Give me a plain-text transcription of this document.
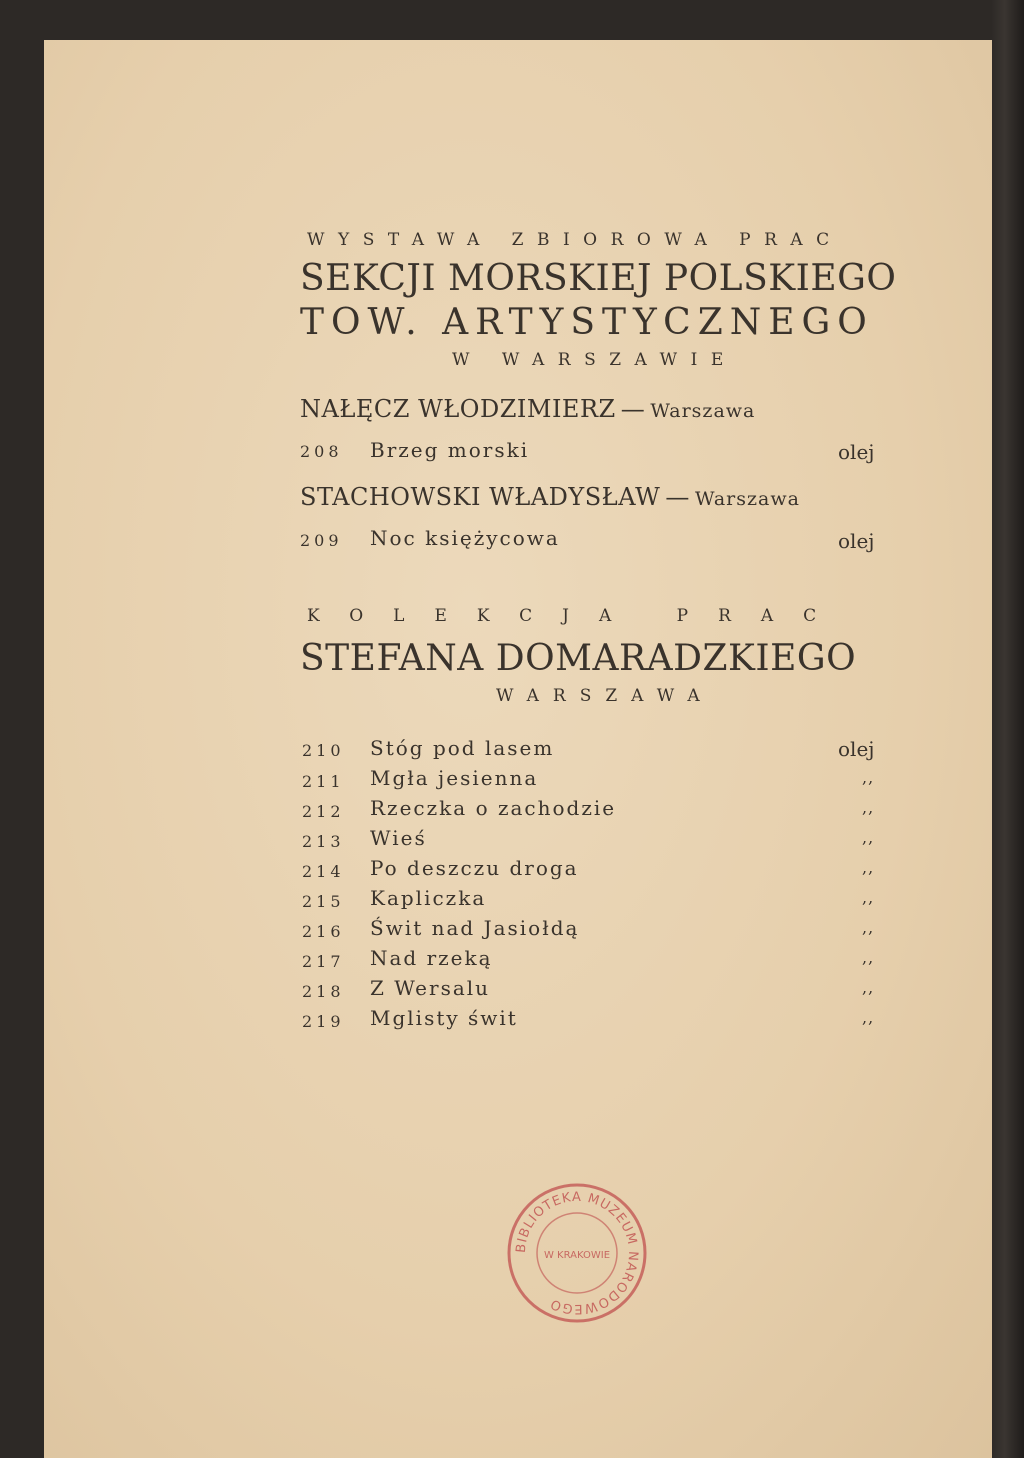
WYSTAWA ZBIOROWA PRAC
SEKCJI MORSKIEJ POLSKIEGO
TOW. ARTYSTYCZNEGO
W WARSZAWIE
NAŁĘCZ WŁODZIMIERZ — Warszawa
208 Brzeg morski	olej
STACHOWSKI WŁADYSŁAW — Warszawa
209 Noc księżycowa	olej
KOLEKCJA PRAC
STEFANA DOMARADZKIEGO
WARSZAWA
210 Stóg pod lasem	olej
211 Mgła jesienna	,,
212 Rzeczka o zachodzie	,,
213 Wieś	,,
214 Po deszczu droga	,,
215 Kapliczka	,,
216 Świt nad Jasiołdą	,,
217 Nad rzeką	,,
218 Z Wersalu	,,
219 Mglisty świt	,,
BIBLIOTEKA MUZEUM NARODOWEGO
W KRAKOWIE
